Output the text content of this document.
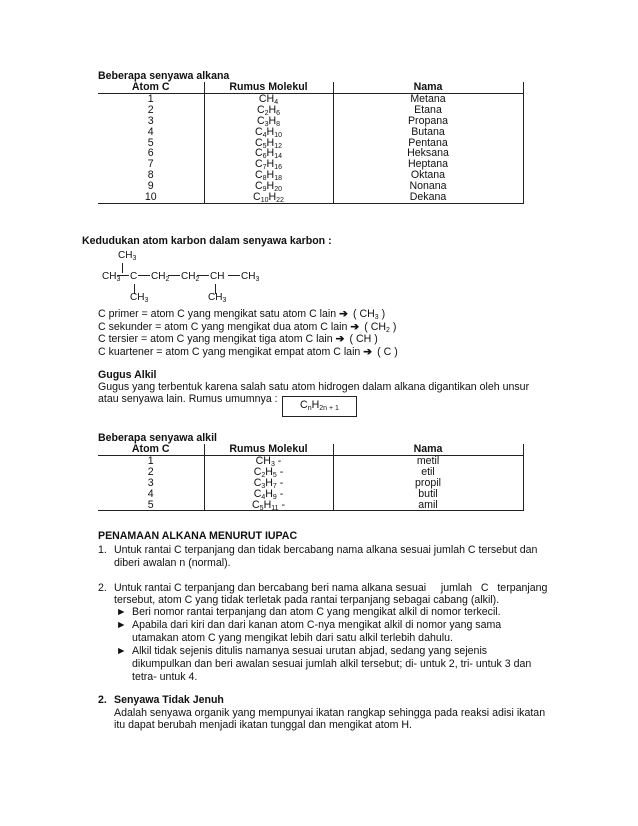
Beberapa senyawa alkana
	Atom C	Rumus Molekul	Nama
	1	$CH_4$	Metana
	2	$C_2H_6$	Etana
	3	$C_3H_8$	Propana
	4	$C_4H_{10}$	Butana
	5	$C_5H_{12}$	Pentana
	6	$C_6H_{14}$	Heksana
	7	$C_7H_{16}$	Heptana
	8	$C_8H_{18}$	Oktana
	9	$C_9H_{20}$	Nonana
	10	$C_{10}H_{22}$	Dekana
Kedudukan atom karbon dalam senyawa karbon :
$CH_3$
$CH_3$ C $CH_2$ $CH_2$ CH $CH_3$
$CH_3$	$CH_3$
C primer = atom C yang mengikat satu atom C lain ➔ ( $CH_3$ )
C sekunder = atom C yang mengikat dua atom C lain ➔ ( $CH_2$ )
C tersier = atom C yang mengikat tiga atom C lain ➔ ( CH )
C kuartener = atom C yang mengikat empat atom C lain ➔ ( C )
Gugus Alkil
Gugus yang terbentuk karena salah satu atom hidrogen dalam alkana digantikan oleh unsur
atau senyawa lain. Rumus umumnya :	$C_nH_{2n + 1}$
Beberapa senyawa alkil
	Atom C	Rumus Molekul	Nama
	1	$CH_3$ -	metil
	2	$C_2H_5$ -	etil
	3	$C_3H_7$ -	propil
	4	$C_4H_9$ -	butil
	5	$C_5H_{11}$ -	amil
PENAMAAN ALKANA MENURUT IUPAC
1. Untuk rantai C terpanjang dan tidak bercabang nama alkana sesuai jumlah C tersebut dan
diberi awalan n (normal).
2. Untuk rantai C terpanjang dan bercabang beri nama alkana sesuai     jumlah   C   terpanjang
tersebut, atom C yang tidak terletak pada rantai terpanjang sebagai cabang (alkil).
► Beri nomor rantai terpanjang dan atom C yang mengikat alkil di nomor terkecil.
► Apabila dari kiri dan dari kanan atom C-nya mengikat alkil di nomor yang sama
utamakan atom C yang mengikat lebih dari satu alkil terlebih dahulu.
► Alkil tidak sejenis ditulis namanya sesuai urutan abjad, sedang yang sejenis
dikumpulkan dan beri awalan sesuai jumlah alkil tersebut; di- untuk 2, tri- untuk 3 dan
tetra- untuk 4.
2. Senyawa Tidak Jenuh
Adalah senyawa organik yang mempunyai ikatan rangkap sehingga pada reaksi adisi ikatan
itu dapat berubah menjadi ikatan tunggal dan mengikat atom H.
